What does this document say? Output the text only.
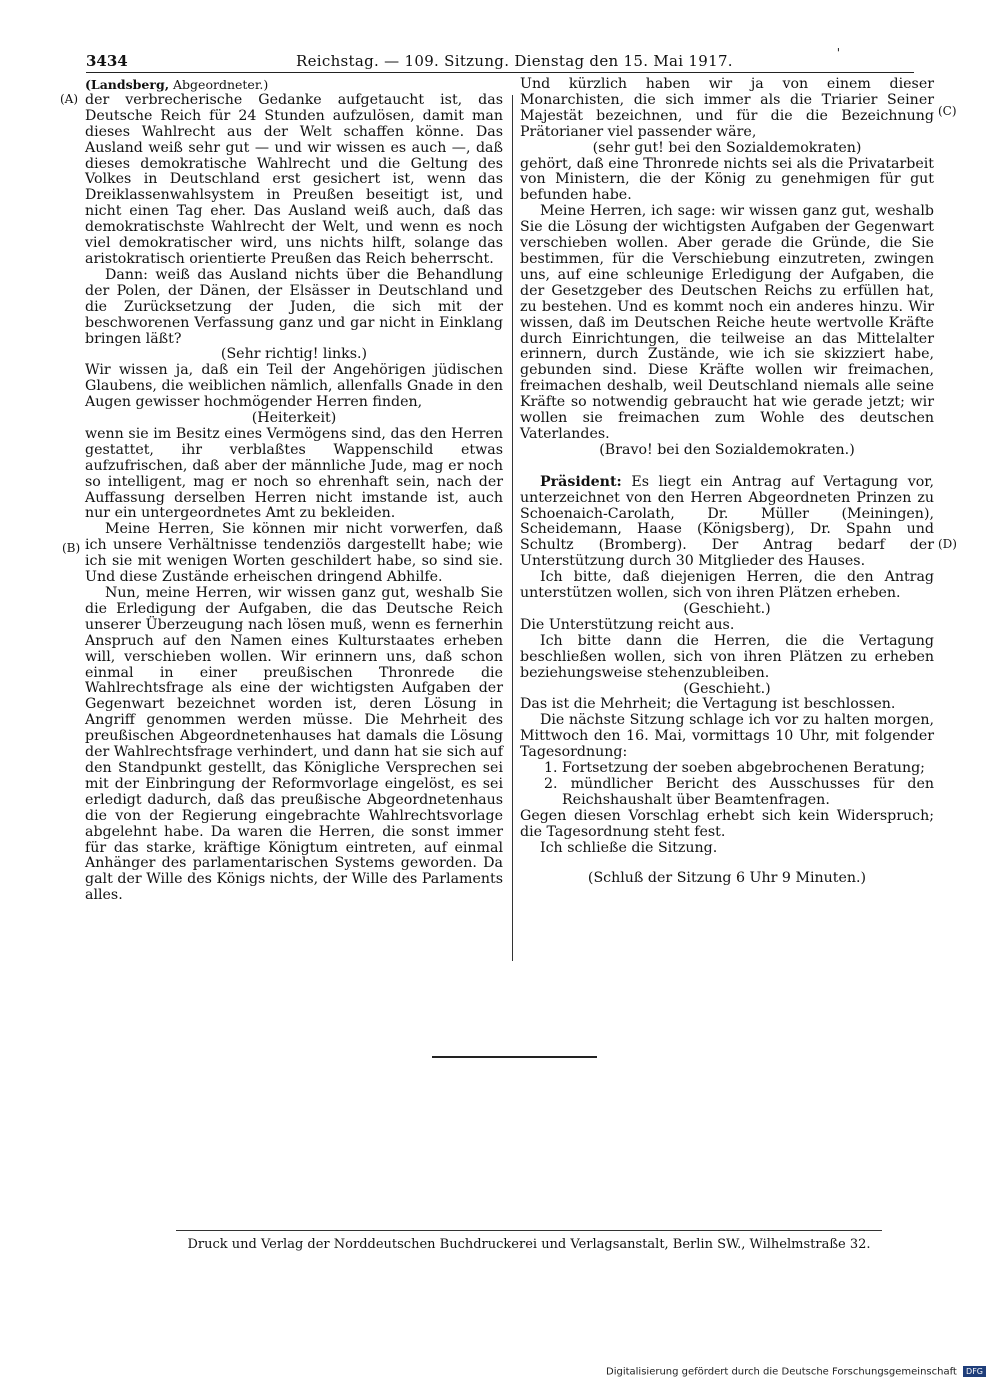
3434	Reichstag. — 109. Sitzung. Dienstag den 15. Mai 1917.	'
(A)
(B)
(C)
(D)

(Landsberg, Abgeordneter.)

der verbrecherische Gedanke aufgetaucht ist, das Deutsche Reich für 24 Stunden aufzulösen, damit man dieses Wahlrecht aus der Welt schaffen könne. Das Ausland weiß sehr gut — und wir wissen es auch —, daß dieses demokratische Wahlrecht und die Geltung des Volkes in Deutschland erst gesichert ist, wenn das Dreiklassenwahlsystem in Preußen beseitigt ist, und nicht einen Tag eher. Das Ausland weiß auch, daß das demokratischste Wahlrecht der Welt, und wenn es noch viel demokratischer wird, uns nichts hilft, solange das aristokratisch orientierte Preußen das Reich beherrscht.

Dann: weiß das Ausland nichts über die Behandlung der Polen, der Dänen, der Elsässer in Deutschland und die Zurücksetzung der Juden, die sich mit der beschworenen Verfassung ganz und gar nicht in Einklang bringen läßt?

(Sehr richtig! links.)

Wir wissen ja, daß ein Teil der Angehörigen jüdischen Glaubens, die weiblichen nämlich, allenfalls Gnade in den Augen gewisser hochmögender Herren finden,

(Heiterkeit)

wenn sie im Besitz eines Vermögens sind, das den Herren gestattet, ihr verblaßtes Wappenschild etwas aufzufrischen, daß aber der männliche Jude, mag er noch so intelligent, mag er noch so ehrenhaft sein, nach der Auffassung derselben Herren nicht imstande ist, auch nur ein untergeordnetes Amt zu bekleiden.

Meine Herren, Sie können mir nicht vorwerfen, daß ich unsere Verhältnisse tendenziös dargestellt habe; wie ich sie mit wenigen Worten geschildert habe, so sind sie. Und diese Zustände erheischen dringend Abhilfe.

Nun, meine Herren, wir wissen ganz gut, weshalb Sie die Erledigung der Aufgaben, die das Deutsche Reich unserer Überzeugung nach lösen muß, wenn es fernerhin Anspruch auf den Namen eines Kulturstaates erheben will, verschieben wollen. Wir erinnern uns, daß schon einmal in einer preußischen Thronrede die Wahlrechtsfrage als eine der wichtigsten Aufgaben der Gegenwart bezeichnet worden ist, deren Lösung in Angriff genommen werden müsse. Die Mehrheit des preußischen Abgeordnetenhauses hat damals die Lösung der Wahlrechtsfrage verhindert, und dann hat sie sich auf den Standpunkt gestellt, das Königliche Versprechen sei mit der Einbringung der Reformvorlage eingelöst, es sei erledigt dadurch, daß das preußische Abgeordnetenhaus die von der Regierung eingebrachte Wahlrechtsvorlage abgelehnt habe. Da waren die Herren, die sonst immer für das starke, kräftige Königtum eintreten, auf einmal Anhänger des parlamentarischen Systems geworden. Da galt der Wille des Königs nichts, der Wille des Parlaments alles.

Und kürzlich haben wir ja von einem dieser Monarchisten, die sich immer als die Triarier Seiner Majestät bezeichnen, und für die die Bezeichnung Prätorianer viel passender wäre,

(sehr gut! bei den Sozialdemokraten)

gehört, daß eine Thronrede nichts sei als die Privatarbeit von Ministern, die der König zu genehmigen für gut befunden habe.

Meine Herren, ich sage: wir wissen ganz gut, weshalb Sie die Lösung der wichtigsten Aufgaben der Gegenwart verschieben wollen. Aber gerade die Gründe, die Sie bestimmen, für die Verschiebung einzutreten, zwingen uns, auf eine schleunige Erledigung der Aufgaben, die der Gesetzgeber des Deutschen Reichs zu erfüllen hat, zu bestehen. Und es kommt noch ein anderes hinzu. Wir wissen, daß im Deutschen Reiche heute wertvolle Kräfte durch Einrichtungen, die teilweise an das Mittelalter erinnern, durch Zustände, wie ich sie skizziert habe, gebunden sind. Diese Kräfte wollen wir freimachen, freimachen deshalb, weil Deutschland niemals alle seine Kräfte so notwendig gebraucht hat wie gerade jetzt; wir wollen sie freimachen zum Wohle des deutschen Vaterlandes.

(Bravo! bei den Sozialdemokraten.)

Präsident: Es liegt ein Antrag auf Vertagung vor, unterzeichnet von den Herren Abgeordneten Prinzen zu Schoenaich-Carolath, Dr. Müller (Meiningen), Scheidemann, Haase (Königsberg), Dr. Spahn und Schultz (Bromberg). Der Antrag bedarf der Unterstützung durch 30 Mitglieder des Hauses.

Ich bitte, daß diejenigen Herren, die den Antrag unterstützen wollen, sich von ihren Plätzen erheben.

(Geschieht.)

Die Unterstützung reicht aus.

Ich bitte dann die Herren, die die Vertagung beschließen wollen, sich von ihren Plätzen zu erheben beziehungsweise stehenzubleiben.

(Geschieht.)

Das ist die Mehrheit; die Vertagung ist beschlossen.

Die nächste Sitzung schlage ich vor zu halten morgen, Mittwoch den 16. Mai, vormittags 10 Uhr, mit folgender Tagesordnung:

1. Fortsetzung der soeben abgebrochenen Beratung;
2. mündlicher Bericht des Ausschusses für den Reichshaushalt über Beamtenfragen.

Gegen diesen Vorschlag erhebt sich kein Widerspruch; die Tagesordnung steht fest.

Ich schließe die Sitzung.

(Schluß der Sitzung 6 Uhr 9 Minuten.)

Druck und Verlag der Norddeutschen Buchdruckerei und Verlagsanstalt, Berlin SW., Wilhelmstraße 32.
Digitalisierung gefördert durch die Deutsche Forschungsgemeinschaft DFG
